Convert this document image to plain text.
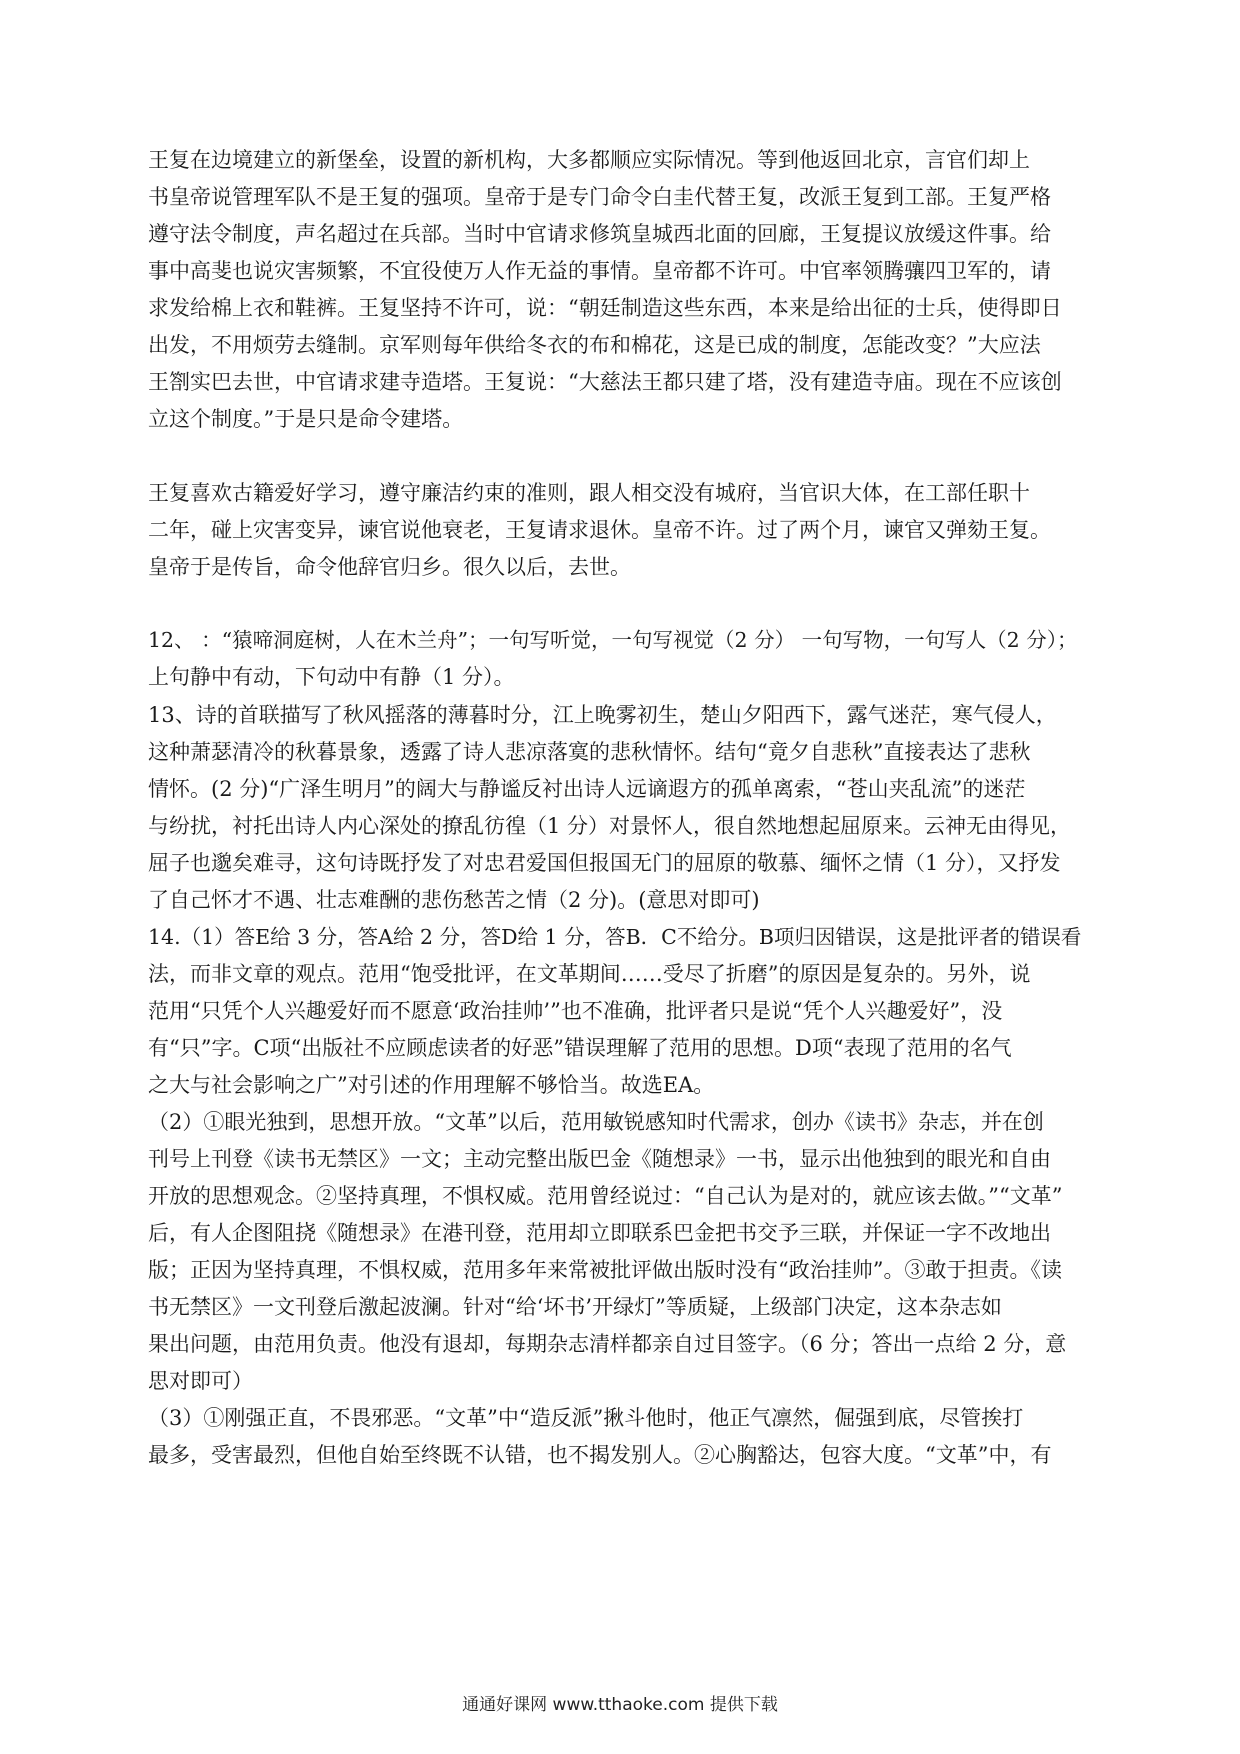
王复在边境建立的新堡垒，设置的新机构，大多都顺应实际情况。等到他返回北京，言官们却上
书皇帝说管理军队不是王复的强项。皇帝于是专门命令白圭代替王复，改派王复到工部。王复严格
遵守法令制度，声名超过在兵部。当时中官请求修筑皇城西北面的回廊，王复提议放缓这件事。给
事中高斐也说灾害频繁，不宜役使万人作无益的事情。皇帝都不许可。中官率领腾骧四卫军的，请
求发给棉上衣和鞋裤。王复坚持不许可，说：“朝廷制造这些东西，本来是给出征的士兵，使得即日
出发，不用烦劳去缝制。京军则每年供给冬衣的布和棉花，这是已成的制度，怎能改变？”大应法
王劄实巴去世，中官请求建寺造塔。王复说：“大慈法王都只建了塔，没有建造寺庙。现在不应该创
立这个制度。”于是只是命令建塔。
王复喜欢古籍爱好学习，遵守廉洁约束的准则，跟人相交没有城府，当官识大体，在工部任职十
二年，碰上灾害变异，谏官说他衰老，王复请求退休。皇帝不许。过了两个月，谏官又弹劾王复。
皇帝于是传旨，命令他辞官归乡。很久以后，去世。
12、 ：“猿啼洞庭树，人在木兰舟”；一句写听觉，一句写视觉（2 分） 一句写物，一句写人（2 分）；
上句静中有动，下句动中有静（1 分）。
13、诗的首联描写了秋风摇落的薄暮时分，江上晚雾初生，楚山夕阳西下，露气迷茫，寒气侵人，
这种萧瑟清冷的秋暮景象，透露了诗人悲凉落寞的悲秋情怀。结句“竟夕自悲秋”直接表达了悲秋
情怀。(2 分)“广泽生明月”的阔大与静谧反衬出诗人远谪遐方的孤单离索，“苍山夹乱流”的迷茫
与纷扰，衬托出诗人内心深处的撩乱彷徨（1 分）对景怀人，很自然地想起屈原来。云神无由得见，
屈子也邈矣难寻，这句诗既抒发了对忠君爱国但报国无门的屈原的敬慕、缅怀之情（1 分），又抒发
了自己怀才不遇、壮志难酬的悲伤愁苦之情（2 分)。(意思对即可)
14.（1）答E给 3 分，答A给 2 分，答D给 1 分，答B．C不给分。B项归因错误，这是批评者的错误看
法，而非文章的观点。范用“饱受批评，在文革期间……受尽了折磨”的原因是复杂的。另外，说
范用“只凭个人兴趣爱好而不愿意‘政治挂帅’”也不准确，批评者只是说“凭个人兴趣爱好”，没
有“只”字。C项“出版社不应顾虑读者的好恶”错误理解了范用的思想。D项“表现了范用的名气
之大与社会影响之广”对引述的作用理解不够恰当。故选EA。
（2）①眼光独到，思想开放。“文革”以后，范用敏锐感知时代需求，创办《读书》杂志，并在创
刊号上刊登《读书无禁区》一文；主动完整出版巴金《随想录》一书，显示出他独到的眼光和自由
开放的思想观念。②坚持真理，不惧权威。范用曾经说过：“自己认为是对的，就应该去做。”“文革”
后，有人企图阻挠《随想录》在港刊登，范用却立即联系巴金把书交予三联，并保证一字不改地出
版；正因为坚持真理，不惧权威，范用多年来常被批评做出版时没有“政治挂帅”。③敢于担责。《读
书无禁区》一文刊登后激起波澜。针对“给‘坏书’开绿灯”等质疑，上级部门决定，这本杂志如
果出问题，由范用负责。他没有退却，每期杂志清样都亲自过目签字。（6 分；答出一点给 2 分，意
思对即可）
（3）①刚强正直，不畏邪恶。“文革”中“造反派”揪斗他时，他正气凛然，倔强到底，尽管挨打
最多，受害最烈，但他自始至终既不认错，也不揭发别人。②心胸豁达，包容大度。“文革”中，有
通通好课网 www.tthaoke.com 提供下载
